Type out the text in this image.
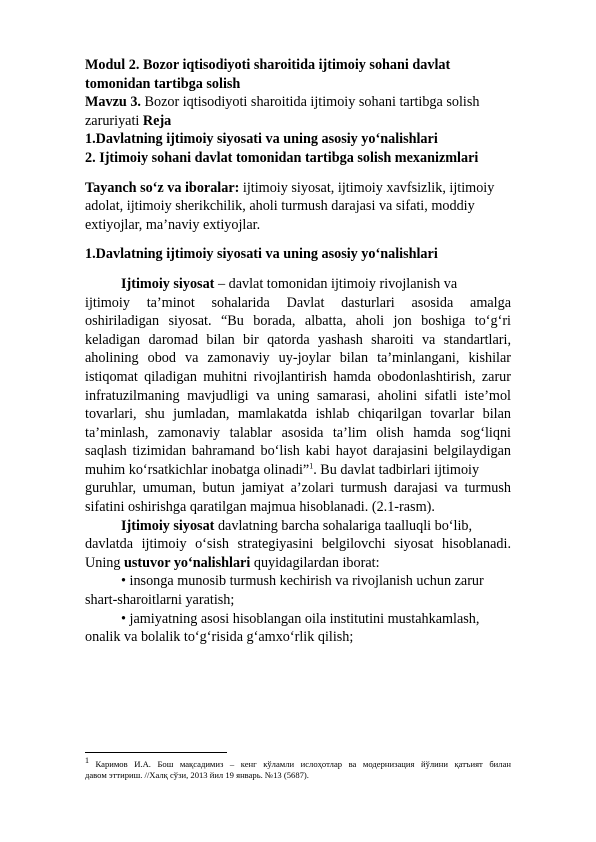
Modul 2. Bozor iqtisodiyoti sharoitida ijtimoiy sohani davlat
tomonidan tartibga solish
Mavzu 3. Bozor iqtisodiyoti sharoitida ijtimoiy sohani tartibga solish
zaruriyati Reja
1.Davlatning ijtimoiy siyosati va uning asosiy yo‘nalishlari
2. Ijtimoiy sohani davlat tomonidan tartibga solish mexanizmlari
Tayanch so‘z va iboralar: ijtimoiy siyosat, ijtimoiy xavfsizlik, ijtimoiy
adolat, ijtimoiy sherikchilik, aholi turmush darajasi va sifati, moddiy
extiyojlar, ma’naviy extiyojlar.
1.Davlatning ijtimoiy siyosati va uning asosiy yo‘nalishlari
Ijtimoiy siyosat – davlat tomonidan ijtimoiy rivojlanish va
ijtimoiy ta’minot sohalarida Davlat dasturlari asosida amalga
oshiriladigan siyosat. “Bu borada, albatta, aholi jon boshiga to‘g‘ri
keladigan daromad bilan bir qatorda yashash sharoiti va standartlari,
aholining obod va zamonaviy uy-joylar bilan ta’minlangani, kishilar
istiqomat qiladigan muhitni rivojlantirish hamda obodonlashtirish, zarur
infratuzilmaning mavjudligi va uning samarasi, aholini sifatli iste’mol
tovarlari, shu jumladan, mamlakatda ishlab chiqarilgan tovarlar bilan
ta’minlash, zamonaviy talablar asosida ta’lim olish hamda sog‘liqni
saqlash tizimidan bahramand bo‘lish kabi hayot darajasini belgilaydigan
muhim ko‘rsatkichlar inobatga olinadi”$^1$. Bu davlat tadbirlari ijtimoiy
guruhlar, umuman, butun jamiyat a’zolari turmush darajasi va turmush
sifatini oshirishga qaratilgan majmua hisoblanadi. (2.1-rasm).
Ijtimoiy siyosat davlatning barcha sohalariga taalluqli bo‘lib,
davlatda ijtimoiy o‘sish strategiyasini belgilovchi siyosat hisoblanadi.
Uning ustuvor yo‘nalishlari quyidagilardan iborat:
• insonga munosib turmush kechirish va rivojlanish uchun zarur
shart-sharoitlarni yaratish;
• jamiyatning asosi hisoblangan oila institutini mustahkamlash,
onalik va bolalik to‘g‘risida g‘amxo‘rlik qilish;
$^1$ Каримов И.А. Бош мақсадимиз – кенг кўламли ислоҳотлар ва модернизация йўлини қатъият билан
давом эттириш. //Халқ сўзи, 2013 йил 19 январь. №13 (5687).
